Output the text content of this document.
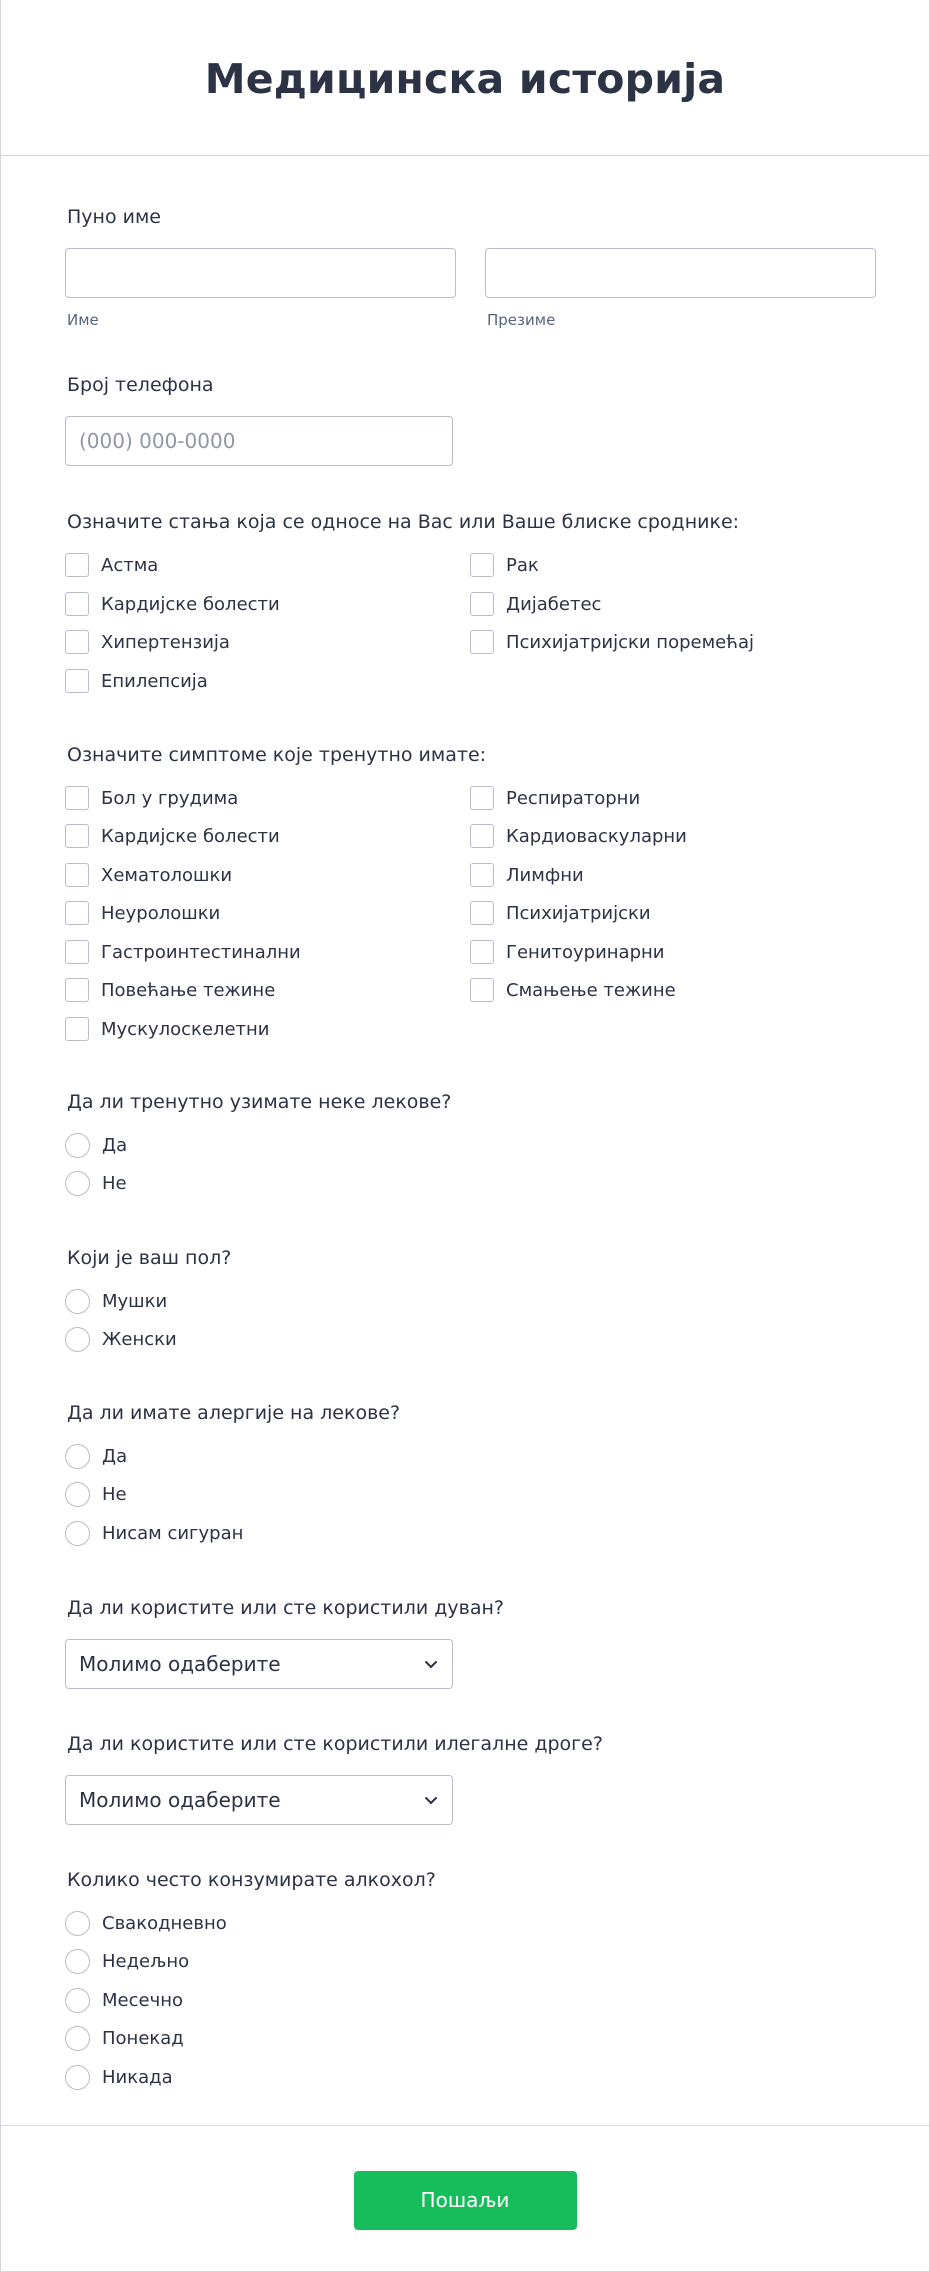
Медицинска историја
Пуно име
Име	Презиме
Број телефона
(000) 000-0000
Означите стања која се односе на Вас или Ваше блиске сроднике:
Астма	Рак
Кардијске болести	Дијабетес
Хипертензија	Психијатријски поремећај
Епилепсија
Означите симптоме које тренутно имате:
Бол у грудима	Респираторни
Кардијске болести	Кардиоваскуларни
Хематолошки	Лимфни
Неуролошки	Психијатријски
Гастроинтестинални	Генитоуринарни
Повећање тежине	Смањење тежине
Мускулоскелетни
Да ли тренутно узимате неке лекове?
Да
Не
Који је ваш пол?
Мушки
Женски
Да ли имате алергије на лекове?
Да
Не
Нисам сигуран
Да ли користите или сте користили дуван?
Молимо одаберите
Да ли користите или сте користили илегалне дроге?
Молимо одаберите
Колико често конзумирате алкохол?
Свакодневно
Недељно
Месечно
Понекад
Никада
Пошаљи
